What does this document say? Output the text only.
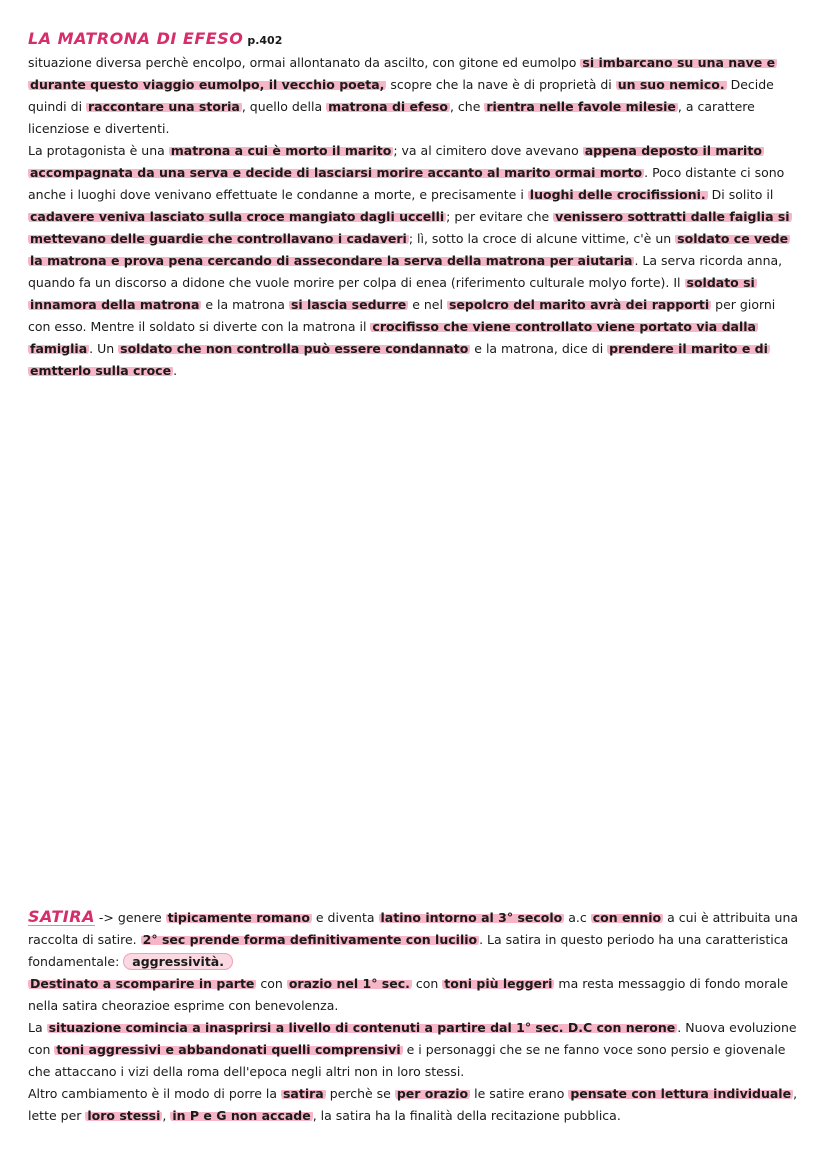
LA MATRONA DI EFESO p.402

situazione diversa perchè encolpo, ormai allontanato da ascilto, con gitone ed eumolpo si imbarcano su una nave e durante questo viaggio eumolpo, il vecchio poeta, scopre che la nave è di proprietà di un suo nemico. Decide quindi di raccontare una storia , quello della matrona di efeso , che rientra nelle favole milesie , a carattere licenziose e divertenti.

La protagonista è una matrona a cui è morto il marito ; va al cimitero dove avevano appena deposto il marito accompagnata da una serva e decide di lasciarsi morire accanto al marito ormai morto . Poco distante ci sono anche i luoghi dove venivano effettuate le condanne a morte, e precisamente i luoghi delle crocifissioni. Di solito il cadavere veniva lasciato sulla croce mangiato dagli uccelli ; per evitare che venissero sottratti dalle faiglia si mettevano delle guardie che controllavano i cadaveri ; lì, sotto la croce di alcune vittime, c'è un soldato ce vede la matrona e prova pena cercando di assecondare la serva della matrona per aiutaria . La serva ricorda anna, quando fa un discorso a didone che vuole morire per colpa di enea (riferimento culturale molyo forte). Il soldato si innamora della matrona e la matrona si lascia sedurre e nel sepolcro del marito avrà dei rapporti per giorni con esso. Mentre il soldato si diverte con la matrona il crocifisso che viene controllato viene portato via dalla famiglia . Un soldato che non controlla può essere condannato e la matrona, dice di prendere il marito e di emtterlo sulla croce .

SATIRA -> genere tipicamente romano e diventa latino intorno al 3° secolo a.c con ennio a cui è attribuita una raccolta di satire. 2° sec prende forma definitivamente con lucilio . La satira in questo periodo ha una caratteristica fondamentale: aggressività.

Destinato a scomparire in parte con orazio nel 1° sec. con toni più leggeri ma resta messaggio di fondo morale nella satira cheorazioe esprime con benevolenza.

La situazione comincia a inasprirsi a livello di contenuti a partire dal 1° sec. D.C con nerone . Nuova evoluzione con toni aggressivi e abbandonati quelli comprensivi e i personaggi che se ne fanno voce sono persio e giovenale che attaccano i vizi della roma dell'epoca negli altri non in loro stessi.

Altro cambiamento è il modo di porre la satira perchè se per orazio le satire erano pensate con lettura individuale , lette per loro stessi , in P e G non accade , la satira ha la finalità della recitazione pubblica.
